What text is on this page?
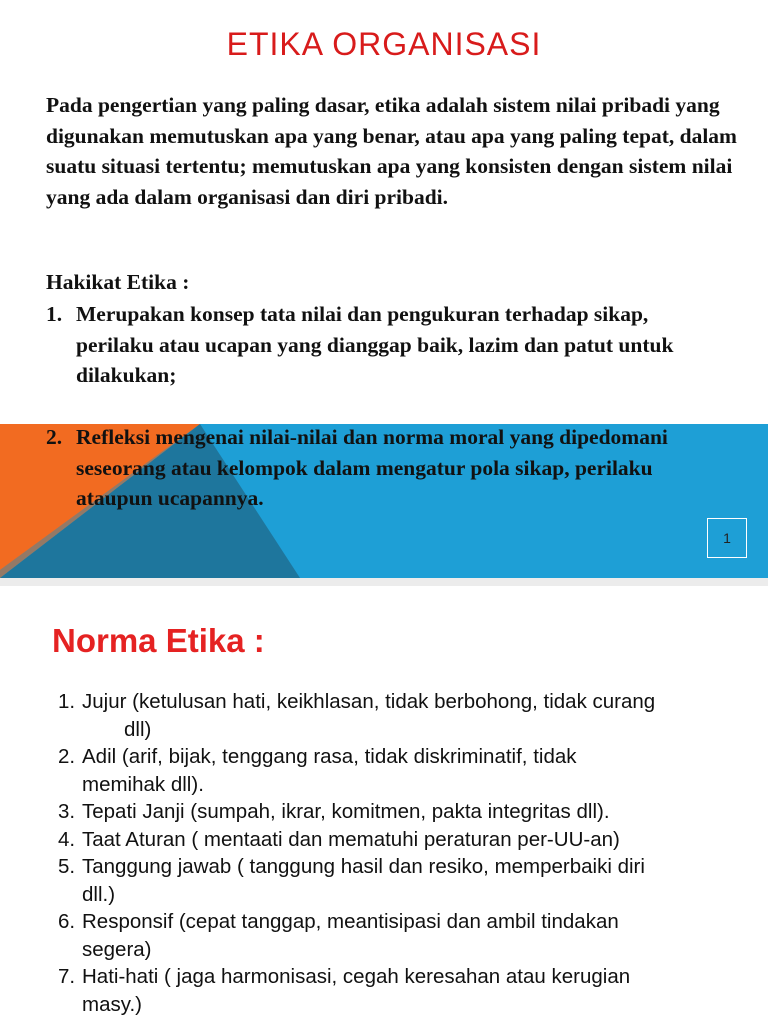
ETIKA ORGANISASI
Pada pengertian yang paling dasar, etika adalah sistem nilai pribadi yang digunakan memutuskan apa yang benar, atau apa yang paling tepat, dalam suatu situasi tertentu; memutuskan apa yang konsisten dengan sistem nilai yang ada dalam organisasi dan diri pribadi.
Hakikat Etika :
1. Merupakan konsep tata nilai dan pengukuran terhadap sikap, perilaku atau ucapan yang dianggap baik, lazim dan patut untuk dilakukan;
2. Refleksi mengenai nilai-nilai dan norma moral yang dipedomani seseorang atau kelompok dalam mengatur pola sikap, perilaku ataupun ucapannya.
1
Norma Etika :
1. Jujur (ketulusan hati, keikhlasan, tidak berbohong, tidak curang
dll)
2. Adil (arif, bijak, tenggang rasa, tidak diskriminatif, tidak
memihak dll).
3. Tepati Janji (sumpah, ikrar, komitmen, pakta integritas dll).
4. Taat Aturan ( mentaati dan mematuhi peraturan per-UU-an)
5. Tanggung jawab ( tanggung hasil dan resiko, memperbaiki diri
dll.)
6. Responsif (cepat tanggap, meantisipasi dan ambil tindakan
segera)
7. Hati-hati ( jaga harmonisasi, cegah keresahan atau kerugian
masy.)
